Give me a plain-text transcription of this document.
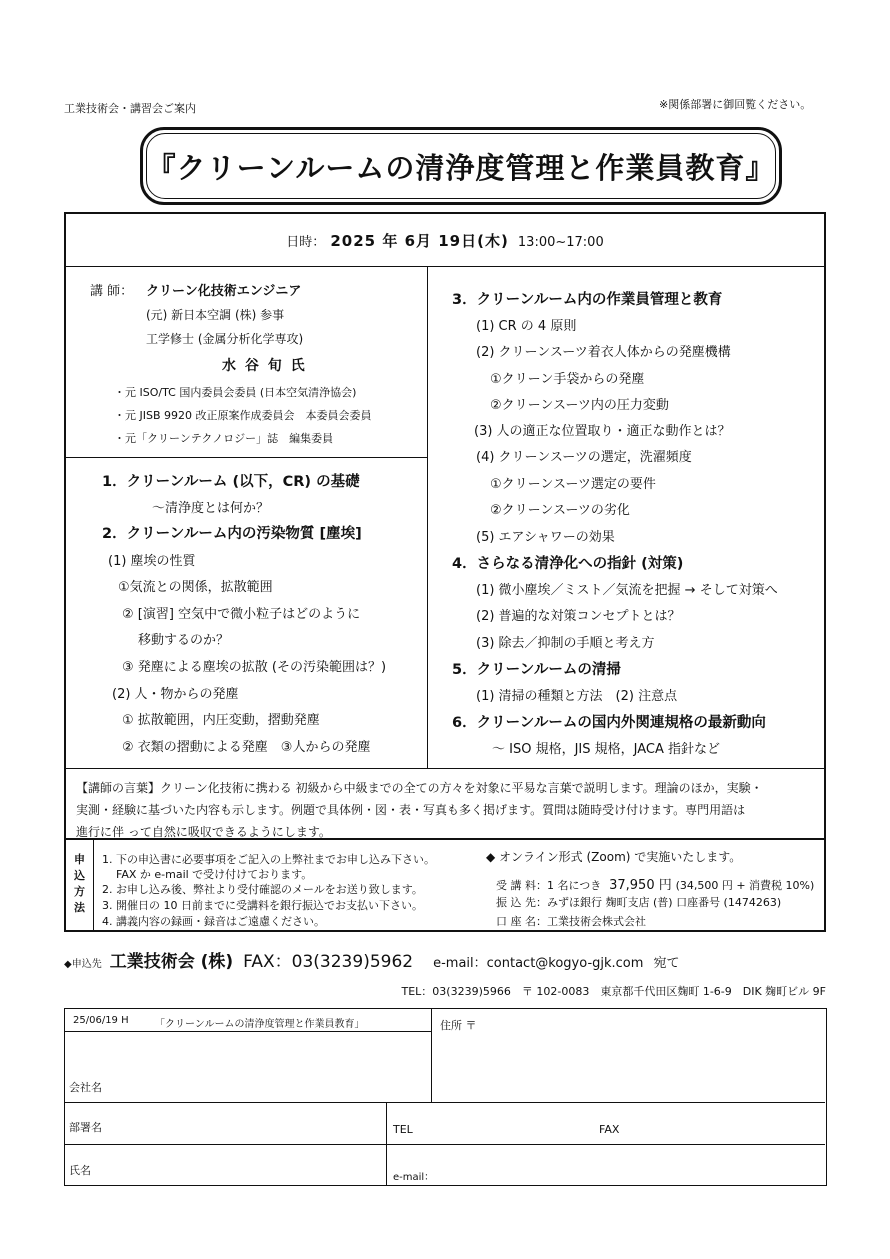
工業技術会・講習会ご案内	※関係部署に御回覧ください。
『クリーンルームの清浄度管理と作業員教育』
日時： 2025 年 6月 19日(木) 13:00~17:00
講 師： クリーン化技術エンジニア
(元) 新日本空調 (株) 参事
工学修士 (金属分析化学専攻)
水 谷 旬 氏
・元 ISO/TC 国内委員会委員 (日本空気清浄協会)
・元 JISB 9920 改正原案作成委員会　本委員会委員
・元「クリーンテクノロジー」誌　編集委員
1．クリーンルーム (以下，CR) の基礎
～清浄度とは何か？
2．クリーンルーム内の汚染物質 [塵埃]
(1) 塵埃の性質
①気流との関係，拡散範囲
② [演習] 空気中で微小粒子はどのように
移動するのか？
③ 発塵による塵埃の拡散 (その汚染範囲は？)
(2) 人・物からの発塵
① 拡散範囲，内圧変動，摺動発塵
② 衣類の摺動による発塵　③人からの発塵
3．クリーンルーム内の作業員管理と教育
(1) CR の 4 原則
(2) クリーンスーツ着衣人体からの発塵機構
①クリーン手袋からの発塵
②クリーンスーツ内の圧力変動
(3) 人の適正な位置取り・適正な動作とは？
(4) クリーンスーツの選定，洗濯頻度
①クリーンスーツ選定の要件
②クリーンスーツの劣化
(5) エアシャワーの効果
4．さらなる清浄化への指針 (対策)
(1) 微小塵埃／ミスト／気流を把握 → そして対策へ
(2) 普遍的な対策コンセプトとは？
(3) 除去／抑制の手順と考え方
5．クリーンルームの清掃
(1) 清掃の種類と方法　(2) 注意点
6．クリーンルームの国内外関連規格の最新動向
～ ISO 規格，JIS 規格，JACA 指針など
【講師の言葉】クリーン化技術に携わる 初級から中級までの全ての方々を対象に平易な言葉で説明します。理論のほか，実験・
実測・経験に基づいた内容も示します。例題で具体例・図・表・写真も多く掲げます。質問は随時受け付けます。専門用語は
進行に伴 って自然に吸収できるようにします。
申
込
方
法
1. 下の申込書に必要事項をご記入の上弊社までお申し込み下さい。
FAX か e-mail で受け付けております。
2. お申し込み後、弊社より受付確認のメールをお送り致します。
3. 開催日の 10 日前までに受講料を銀行振込でお支払い下さい。
4. 講義内容の録画・録音はご遠慮ください。
◆ オンライン形式 (Zoom) で実施いたします。
受 講 料：1 名につき 37,950 円 (34,500 円 + 消費税 10%)
振 込 先：みずほ銀行 麹町支店 (普) 口座番号 (1474263)
口 座 名：工業技術会株式会社
◆申込先 工業技術会 (株) FAX：03(3239)5962 e-mail：contact@kogyo-gjk.com 宛て
TEL：03(3239)5966　〒 102-0083　東京都千代田区麹町 1-6-9　DIK 麹町ビル 9F
25/06/19 H	「クリーンルームの清浄度管理と作業員教育」	住所 〒
会社名
部署名	TEL	FAX
氏名
e-mail：
